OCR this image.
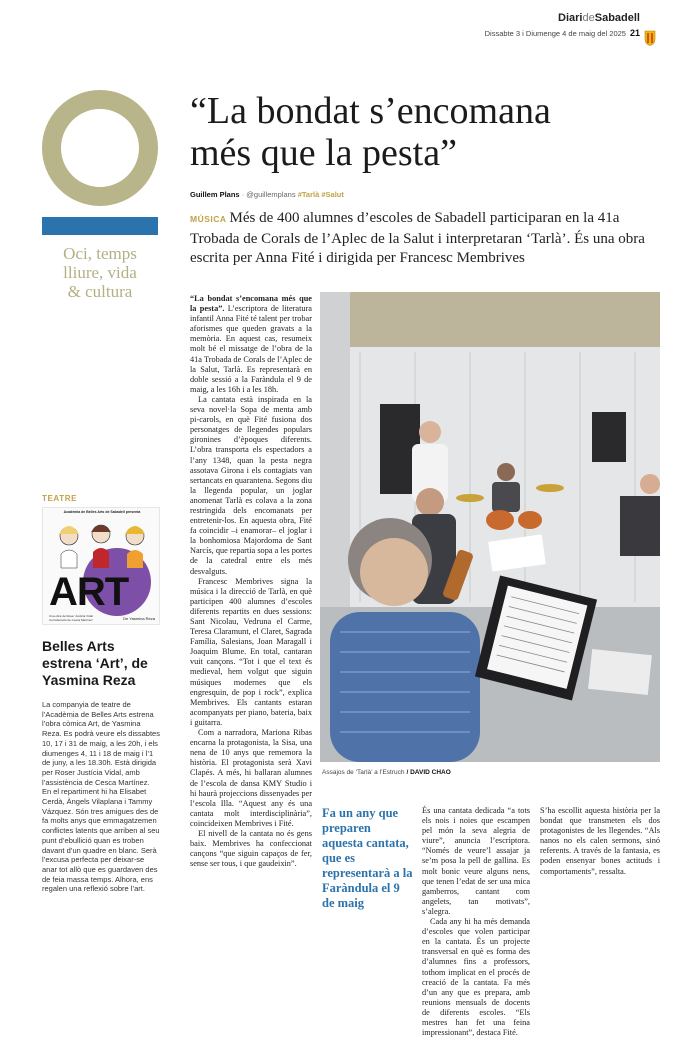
DiarideSabadell
Dissabte 3 i Diumenge 4 de maig del 2025 21
Oci, temps
lliure, vida
& cultura
“La bondat s’encomana
més que la pesta”
Guillem Plans · @guillemplans #Tarlà #Salut
MÚSICA Més de 400 alumnes d’escoles de Sabadell participaran en la 41a Trobada de Corals de l’Aplec de la Salut i interpretaran ‘Tarlà’. És una obra escrita per Anna Fité i dirigida per Francesc Membrives
TEATRE
Acadèmia de Belles Arts de Sabadell presenta
ART
Una obra de Roser Justícia Vidal · Col·laboració de Cesca Martínez	De Yasmina Reza
Belles Arts estrena ‘Art’, de Yasmina Reza
La companyia de teatre de l’Acadèmia de Belles Arts estrena l’obra còmica Art, de Yasmina Reza. Es podrà veure els dissabtes 10, 17 i 31 de maig, a les 20h, i els diumenges 4, 11 i 18 de maig i l’1 de juny, a les 18.30h. Està dirigida per Roser Justícia Vidal, amb l’assistència de Cesca Martínez. En el repartiment hi ha Elisabet Cerdà, Àngels Vilaplana i Tammy Vázquez. Són tres amigues des de fa molts anys que emmagatzemen conflictes latents que arriben al seu punt d’ebullició quan es troben davant d’un quadre en blanc. Serà l’excusa perfecta per deixar-se anar tot allò que es guardaven des de feia massa temps. Alhora, ens regalen una reflexió sobre l’art.

“La bondat s’encomana més que la pesta”. L’escriptora de literatura infantil Anna Fité té talent per trobar aforismes que queden gravats a la memòria. En aquest cas, resumeix molt bé el missatge de l’obra de la 41a Trobada de Corals de l’Aplec de la Salut, Tarlà. Es representarà en doble sessió a la Faràndula el 9 de maig, a les 16h i a les 18h.

La cantata està inspirada en la seva novel·la Sopa de menta amb pi-carols, en què Fité fusiona dos personatges de llegendes populars gironines d’èpoques diferents. L’obra transporta els espectadors a l’any 1348, quan la pesta negra assotava Girona i els contagiats van sertancats en quarantena. Segons diu la llegenda popular, un joglar anomenat Tarlà es colava a la zona restringida dels encomanats per entretenir-los. En aquesta obra, Fité fa coincidir –i enamorar– el joglar i la bonhomiosa Majordoma de Sant Narcís, que repartia sopa a les portes de la catedral entre els més desvalguts.

Francesc Membrives signa la música i la direcció de Tarlà, en què participen 400 alumnes d’escoles diferents repartits en dues sessions: Sant Nicolau, Vedruna el Carme, Teresa Claramunt, el Claret, Sagrada Família, Salesians, Joan Maragall i Joaquim Blume. En total, cantaran vuit cançons. “Tot i que el text és medieval, hem volgut que siguin músiques modernes que els engresquin, de pop i rock”, explica Membrives. Els cantants estaran acompanyats per piano, bateria, baix i guitarra.

Com a narradora, Mariona Ribas encarna la protagonista, la Sisa, una nena de 10 anys que rememora la història. El protagonista serà Xavi Clapés. A més, hi ballaran alumnes de l’escola de dansa KMY Studio i hi haurà projeccions dissenyades per l’escola Illa. “Aquest any és una cantata molt interdisciplinària”, coincideixen Membrives i Fité.

El nivell de la cantata no és gens baix. Membrives ha confeccionat cançons “que siguin capaços de fer, sense ser tous, i que gaudeixin”.

Assajos de ‘Tarlà’ a l’Estruch / DAVID CHAO
Fa un any que preparen aquesta cantata, que es representarà a la Faràndula el 9 de maig

És una cantata dedicada “a tots els nois i noies que escampen pel món la seva alegria de viure”, anuncia l’escriptora. “Només de veure’l assajar ja se’m posa la pell de gallina. Es molt bonic veure alguns nens, que tenen l’edat de ser una mica gamberros, cantant com angelets, tan motivats”, s’alegra.

Cada any hi ha més demanda d’escoles que volen participar en la cantata. És un projecte transversal en què es forma des d’alumnes fins a professors, tothom implicat en el procés de creació de la cantata. Fa més d’un any que es prepara, amb reunions mensuals de docents de diferents escoles. “Els mestres han fet una feina impressionant”, destaca Fité.

S’ha escollit aquesta història per la bondat que transmeten els dos protagonistes de les llegendes. “Als nanos no els calen sermons, sinó referents. A través de la fantasia, es poden ensenyar bones actituds i comportaments”, ressalta.
